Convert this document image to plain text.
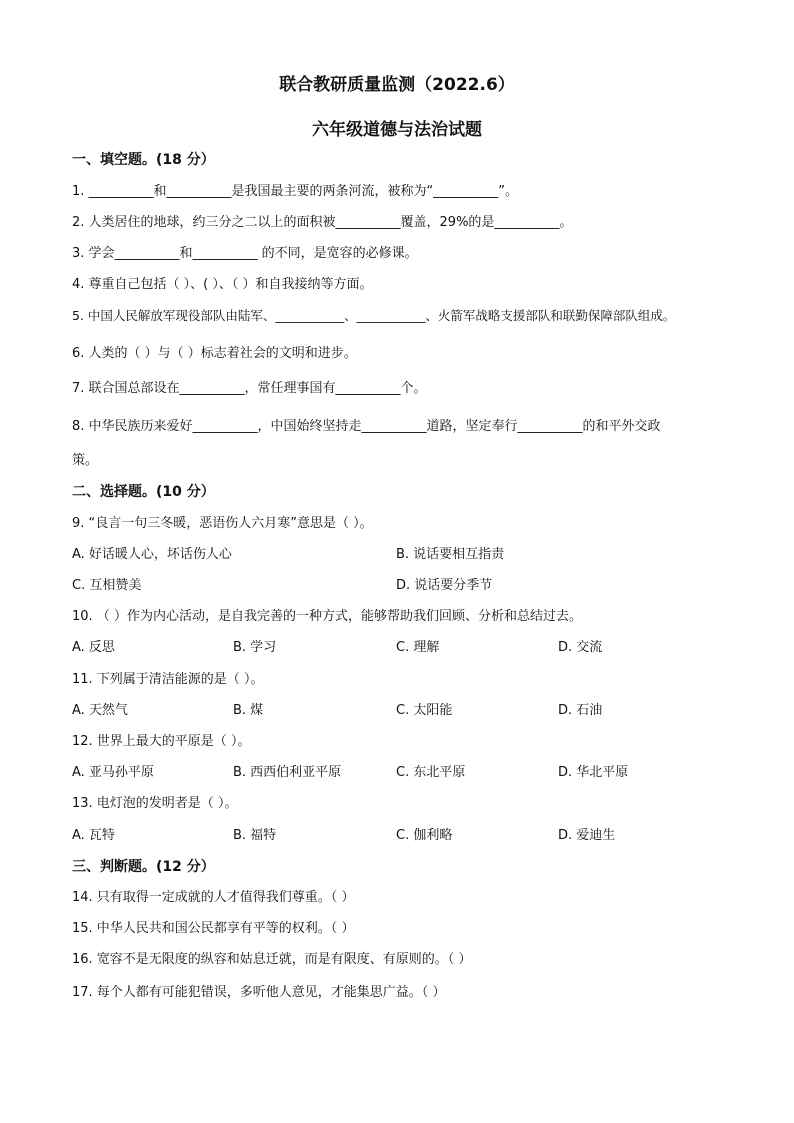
联合教研质量监测（2022.6）
六年级道德与法治试题
一、填空题。(18 分）
1. __________和__________是我国最主要的两条河流，被称为“__________”。
2. 人类居住的地球，约三分之二以上的面积被__________覆盖，29%的是__________。
3. 学会__________和__________ 的不同，是宽容的必修课。
4. 尊重自己包括（ ）、( ）、（ ）和自我接纳等方面。
5. 中国人民解放军现役部队由陆军、___________、___________、火箭军战略支援部队和联勤保障部队组成。
6. 人类的（ ）与（ ）标志着社会的文明和进步。
7. 联合国总部设在__________，常任理事国有__________个。
8. 中华民族历来爱好__________，中国始终坚持走__________道路，坚定奉行__________的和平外交政
策。
二、选择题。(10 分）
9. “良言一句三冬暖，恶语伤人六月寒”意思是（ ）。
A. 好话暖人心，坏话伤人心	B. 说话要相互指责
C. 互相赞美	D. 说话要分季节
10. （ ）作为内心活动，是自我完善的一种方式，能够帮助我们回顾、分析和总结过去。
A. 反思	B. 学习	C. 理解	D. 交流
11. 下列属于清洁能源的是（ ）。
A. 天然气	B. 煤	C. 太阳能	D. 石油
12. 世界上最大的平原是（ ）。
A. 亚马孙平原	B. 西西伯利亚平原	C. 东北平原	D. 华北平原
13. 电灯泡的发明者是（ ）。
A. 瓦特	B. 福特	C. 伽利略	D. 爱迪生
三、判断题。(12 分）
14. 只有取得一定成就的人才值得我们尊重。（ ）
15. 中华人民共和国公民都享有平等的权利。（ ）
16. 宽容不是无限度的纵容和姑息迁就，而是有限度、有原则的。（ ）
17. 每个人都有可能犯错误，多听他人意见，才能集思广益。（ ）
